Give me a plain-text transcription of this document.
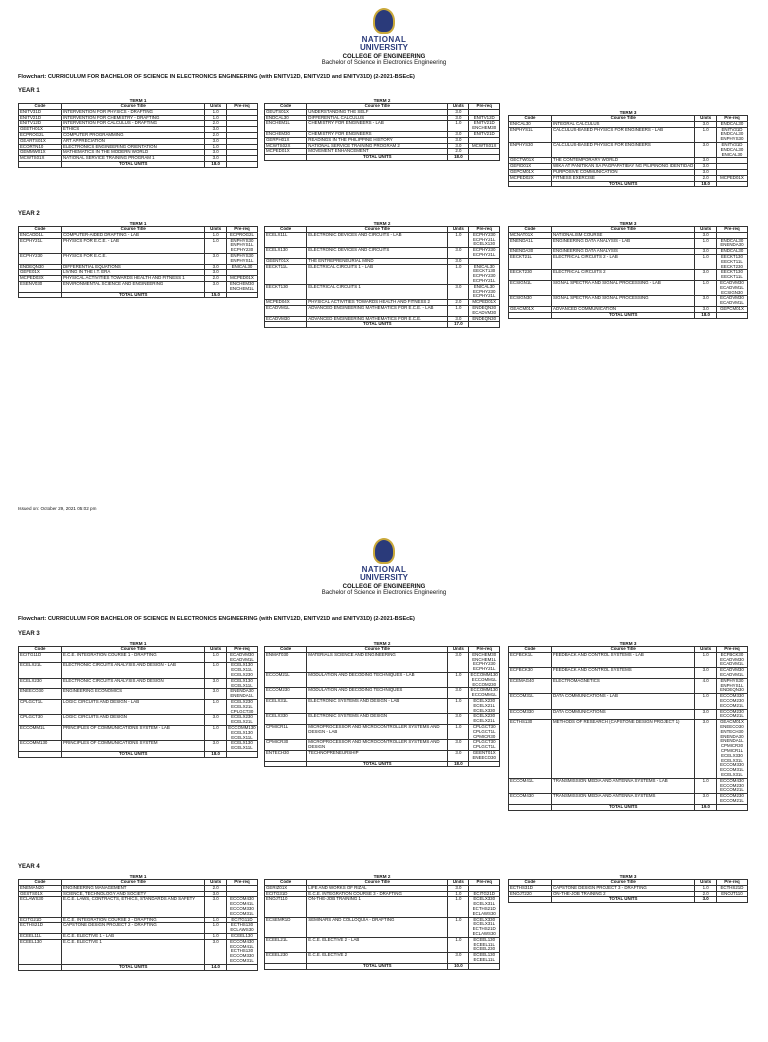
NATIONAL
UNIVERSITY
COLLEGE OF ENGINEERING
Bachelor of Science in Electronics Engineering
Flowchart: CURRICULUM FOR BACHELOR OF SCIENCE IN ELECTRONICS ENGINEERING (with ENITV12D, ENITV21D and ENITV31D) (2-2021-BSEcE)
YEAR 1
TERM 1
Code	Course Title	Units	Pre-req
ENITV31D	INTERVENTION FOR PHYSICS - DRAFTING	1.0	
ENITV21D	INTERVENTION FOR CHEMISTRY - DRAFTING	1.0	
ENITV12D	INTERVENTION FOR CALCULUS - DRAFTING	2.0	
GEETH01X	ETHICS	3.0	
ECPROG2L	COMPUTER PROGRAMMING	2.0	
GEARTS01X	ART APPRECIATION	3.0	
ECORTN10	ELECTRONICS ENGINEERING ORIENTATION	1.0	
GEMMW01X	MATHEMATICS IN THE MODERN WORLD	3.0	
MCWTS01X	NATIONAL SERVICE TRAINING PROGRAM 1	3.0	
	TOTAL UNITS	18.0	
TERM 2
Code	Course Title	Units	Pre-req
GEUTS01X	UNDERSTANDING THE SELF	3.0	
ENDCAL30	DIFFERENTIAL CALCULUS	3.0	ENITV12D
ENCHEM1L	CHEMISTRY FOR ENGINEERS - LAB	1.0	ENITV21D ENCHEM30
ENCHEM30	CHEMISTRY FOR ENGINEERS	3.0	ENITV21D
GERPH01X	READINGS IN THE PHILIPPINE HISTORY	3.0	
MCWTS02X	NATIONAL SERVICE TRAINING PROGRAM 2	3.0	MCWTS01X
MCPED01X	MOVEMENT ENHANCEMENT	2.0	
	TOTAL UNITS	18.0	
TERM 3
Code	Course Title	Units	Pre-req
ENICAL30	INTEGRAL CALCULUS	3.0	ENDCAL30
ENPHYS1L	CALCULUS-BASED PHYSICS FOR ENGINEERS - LAB	1.0	ENITV31D ENDCAL30 ENPHYS30
ENPHYS30	CALCULUS-BASED PHYSICS FOR ENGINEERS	3.0	ENITV31D ENDCAL30 ENICAL30
GECTW01X	THE CONTEMPORARY WORLD	3.0	
GEFID01X	WIKA AT PANITIKAN SA PAGPAPATIBAY NG PILIPINONG IDENTIDAD	3.0	
GEPCM01X	PURPOSIVE COMMUNICATION	3.0	
MCPED02X	FITNESS EXERCISE	2.0	MCPED01X
	TOTAL UNITS	18.0	
YEAR 2
TERM 1
Code	Course Title	Units	Pre-req
ENCADD1L	COMPUTER-AIDED DRAFTING - LAB	1.0	ECPROG2L
ECPHY21L	PHYSICS FOR E.C.E. - LAB	1.0	ENPHYS30 ENPHYS1L ECPHY230
ECPHY230	PHYSICS FOR E.C.E.	3.0	ENPHYS30 ENPHYS1L
ENDEQN30	DIFFERENTIAL EQUATIONS	3.0	ENICAL30
GEFE01X	LIVING IN THE I.T. ERA	3.0	
MCPED03X	PHYSICAL ACTIVITIES TOWARDS HEALTH AND FITNESS 1	2.0	MCPED01X
ESENV030	ENVIRONMENTAL SCIENCE AND ENGINEERING	3.0	ENCHEM30 ENCHEM1L
	TOTAL UNITS	15.0	
TERM 2
Code	Course Title	Units	Pre-req
ECELX11L	ELECTRONIC DEVICES AND CIRCUITS - LAB	1.0	ECPHY230 ECPHY21L ECELX130
ECELX130	ELECTRONIC DEVICES AND CIRCUITS	3.0	ECPHY230 ECPHY21L
GEENT01X	THE ENTREPRENEURIAL MIND	3.0	
EECKT11L	ELECTRICAL CIRCUITS 1 - LAB	1.0	ENICAL30 EECKT130 ECPHY230 ECPHY21L
EECKT130	ELECTRICAL CIRCUITS 1	3.0	ENICAL30 ECPHY230 ECPHY21L
MCPED04X	PHYSICAL ACTIVITIES TOWARDS HEALTH AND FITNESS 2	2.0	MCPED01X
ECADVM1L	ADVANCED ENGINEERING MATHEMATICS FOR E.C.E. - LAB	1.0	ENDEQN30 ECADVM30
ECADVM30	ADVANCED ENGINEERING MATHEMATICS FOR E.C.E.	3.0	ENDEQN30
	TOTAL UNITS	17.0	
TERM 3
Code	Course Title	Units	Pre-req
MCNAT01X	NATIONALISM COURSE	3.0	
ENENDA1L	ENGINEERING DATA ANALYSIS - LAB	1.0	ENDCAL30 ENENDA30
ENENDA30	ENGINEERING DATA ANALYSIS	3.0	ENDCAL30
EECKT21L	ELECTRICAL CIRCUITS 2 - LAB	1.0	EECKT130 EECKT11L EECKT230
EECKT230	ELECTRICAL CIRCUITS 2	3.0	EECKT130 EECKT11L
ECSIGN1L	SIGNAL SPECTRA AND SIGNAL PROCESSING - LAB	1.0	ECADVM30 ECADVM1L ECSIGN30
ECSIGN30	SIGNAL SPECTRA AND SIGNAL PROCESSING	3.0	ECADVM30 ECADVM1L
GEACM01X	ADVANCED COMMUNICATION	3.0	GEPCM01X
	TOTAL UNITS	18.0	
Issued on: October 29, 2021 05:02 pm
NATIONAL
UNIVERSITY
COLLEGE OF ENGINEERING
Bachelor of Science in Electronics Engineering
Flowchart: CURRICULUM FOR BACHELOR OF SCIENCE IN ELECTRONICS ENGINEERING (with ENITV12D, ENITV21D and ENITV31D) (2-2021-BSEcE)
YEAR 3
TERM 1
Code	Course Title	Units	Pre-req
ECITG11D	E.C.E. INTEGRATION COURSE 1 - DRAFTING	1.0	ECADVM30 ECADVM1L
ECELX21L	ELECTRONIC CIRCUITS ANALYSIS AND DESIGN - LAB	1.0	ECELX130 ECELX11L ECELX230
ECELX230	ELECTRONIC CIRCUITS ANALYSIS AND DESIGN	3.0	ECELX130 ECELX11L
ENEECO30	ENGINEERING ECONOMICS	3.0	ENENDA30 ENENDA1L
CPLGCT1L	LOGIC CIRCUITS AND DESIGN - LAB	1.0	ECELX230 ECELX21L CPLGCT30
CPLGCT30	LOGIC CIRCUITS AND DESIGN	3.0	ECELX230 ECELX21L
ECCOMM1L	PRINCIPLES OF COMMUNICATIONS SYSTEM - LAB	1.0	ECCOMM130 ECELX130 ECELX11L
ECCOMM130	PRINCIPLES OF COMMUNICATIONS SYSTEM	3.0	ECELX130 ECELX11L
	TOTAL UNITS	18.0	
TERM 2
Code	Course Title	Units	Pre-req
ENMAT030	MATERIALS SCIENCE AND ENGINEERING	3.0	ENCHEM30 ENCHEM1L ECPHY230 ECPHY21L
ECCOM21L	MODULATION AND DECODING TECHNIQUES - LAB	1.0	ECCOMM130 ECCOMM1L ECCOM230
ECCOM230	MODULATION AND DECODING TECHNIQUES	3.0	ECCOMM130 ECCOMM1L
ECELX31L	ELECTRONIC SYSTEMS AND DESIGN - LAB	1.0	ECELX230 ECELX21L ECELX330
ECELX330	ELECTRONIC SYSTEMS AND DESIGN	3.0	ECELX230 ECELX21L
CPMICR1L	MICROPROCESSOR AND MICROCONTROLLER SYSTEMS AND DESIGN - LAB	1.0	CPLGCT30 CPLGCT1L CPMICR30
CPMICR30	MICROPROCESSOR AND MICROCONTROLLER SYSTEMS AND DESIGN	3.0	CPLGCT30 CPLGCT1L
ENTECH30	TECHNOPRENEURSHIP	3.0	GEENT01X ENEECO30
	TOTAL UNITS	18.0	
TERM 3
Code	Course Title	Units	Pre-req
ECFBCK1L	FEEDBACK AND CONTROL SYSTEMS - LAB	1.0	ECFBCK30 ECADVM30 ECADVM1L
ECFBCK30	FEEDBACK AND CONTROL SYSTEMS	3.0	ECADVM30 ECADVM1L
ECEMAG40	ELECTROMAGNETICS	4.0	ENPHYS30 ENPHYS1L ENDEQN30
ECCOM31L	DATA COMMUNICATIONS - LAB	1.0	ECCOM330 ECCOM230 ECCOM21L
ECCOM330	DATA COMMUNICATIONS	3.0	ECCOM230 ECCOM21L
ECTHS130	METHODS OF RESEARCH (CAPSTONE DESIGN PROJECT 1)	3.0	GEACM01X ENEECO30 ENTECH30 ENENDA30 ENENDA1L CPMICR30 CPMICR1L ECELX330 ECELX31L ECCOM330 ECCOM31L ECELX31L
ECCOM41L	TRANSMISSION MEDIA AND ANTENNA SYSTEMS - LAB	1.0	ECCOM430 ECCOM230 ECCOM21L
ECCOM430	TRANSMISSION MEDIA AND ANTENNA SYSTEMS	3.0	ECCOM230 ECCOM21L
	TOTAL UNITS	19.0	
YEAR 4
TERM 1
Code	Course Title	Units	Pre-req
ENEMAN20	ENGINEERING MANAGEMENT	2.0	
GESTS01X	SCIENCE, TECHNOLOGY AND SOCIETY	3.0	
ECLAWS30	E.C.E. LAWS, CONTRACTS, ETHICS, STANDARDS AND SAFETY	3.0	ECCOM430 ECCOM41L ECCOM330 ECCOM31L
ECITG21D	E.C.E. INTEGRATION COURSE 2 - DRAFTING	1.0	ECITG11D
ECTHS21D	CAPSTONE DESIGN PROJECT 2 - DRAFTING	1.0	ECTHS130 ECLAWS30
ECEEL11L	E.C.E. ELECTIVE 1 - LAB	1.0	ECEEL130
ECEEL130	E.C.E. ELECTIVE 1	3.0	ECCOM430 ECCOM41L ECTHS130 ECCOM330 ECCOM31L
	TOTAL UNITS	14.0	
TERM 2
Code	Course Title	Units	Pre-req
GERIZ01X	LIFE AND WORKS OF RIZAL	3.0	
ECITG31D	E.C.E. INTEGRATION COURSE 3 - DRAFTING	1.0	ECITG21D
ENOJT110	ON-THE-JOB TRAINING 1	1.0	ECELX330 ECELX31L ECTHS21D ECLAWS30
ECSEMR1D	SEMINARS AND COLLOQUIA - DRAFTING	1.0	ECELX330 ECELX31L ECTHS21D ECLAWS30
ECEEL21L	E.C.E. ELECTIVE 2 - LAB	1.0	ECEEL130 ECEEL11L ECEEL230
ECEEL230	E.C.E. ELECTIVE 2	3.0	ECEEL130 ECEEL11L
	TOTAL UNITS	10.0	
TERM 3
Code	Course Title	Units	Pre-req
ECTHS31D	CAPSTONE DESIGN PROJECT 3 - DRAFTING	1.0	ECTHS21D
ENOJT220	ON-THE-JOB TRAINING 2	2.0	ENOJT110
	TOTAL UNITS	3.0	
